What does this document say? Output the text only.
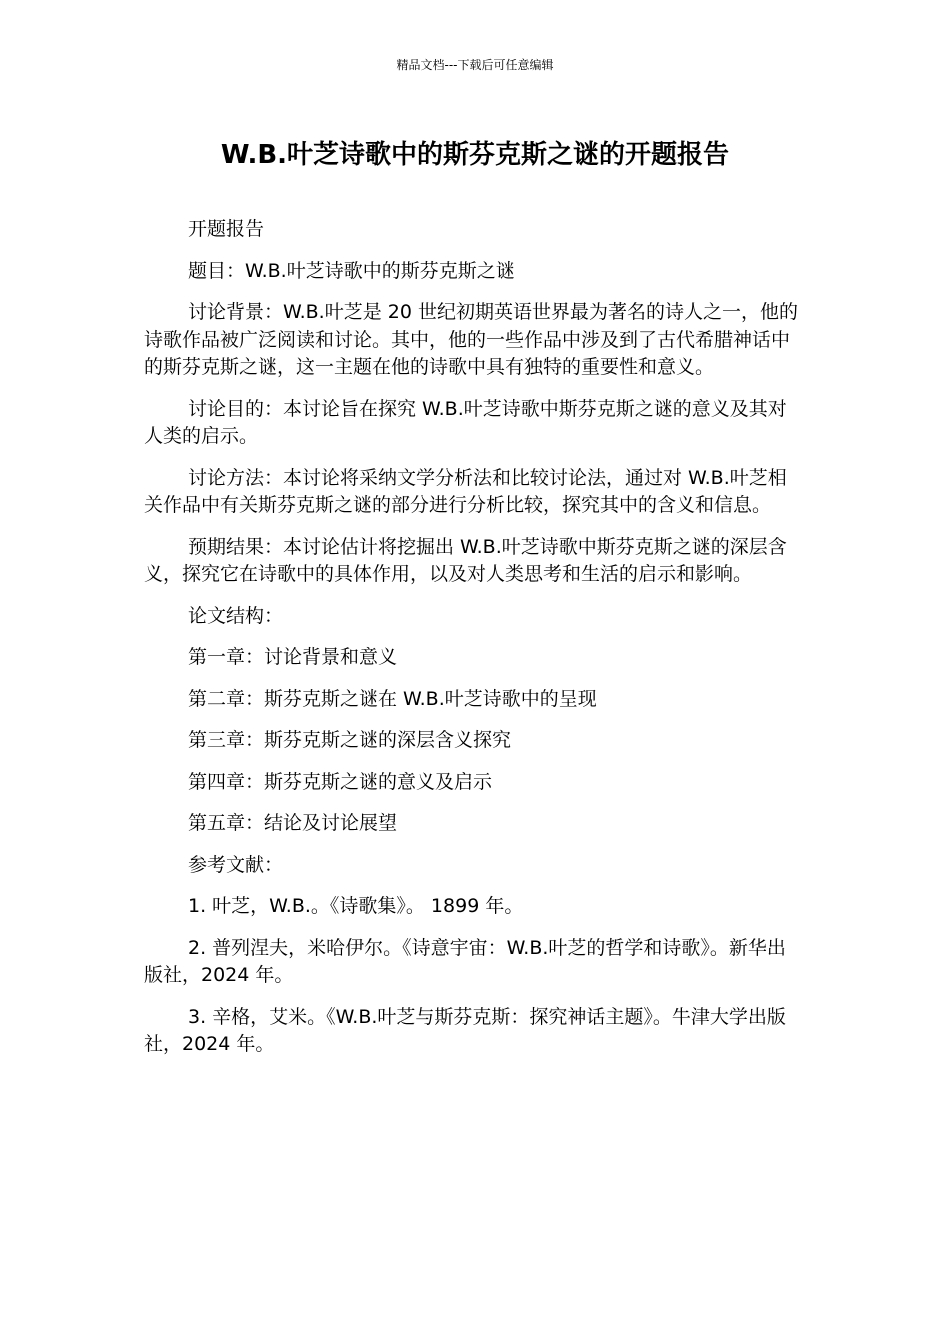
精品文档---下载后可任意编辑
W.B.叶芝诗歌中的斯芬克斯之谜的开题报告

开题报告

题目：W.B.叶芝诗歌中的斯芬克斯之谜

讨论背景：W.B.叶芝是 20 世纪初期英语世界最为著名的诗人之一，他的诗歌作品被广泛阅读和讨论。其中，他的一些作品中涉及到了古代希腊神话中的斯芬克斯之谜，这一主题在他的诗歌中具有独特的重要性和意义。

讨论目的：本讨论旨在探究 W.B.叶芝诗歌中斯芬克斯之谜的意义及其对人类的启示。

讨论方法：本讨论将采纳文学分析法和比较讨论法，通过对 W.B.叶芝相关作品中有关斯芬克斯之谜的部分进行分析比较，探究其中的含义和信息。

预期结果：本讨论估计将挖掘出 W.B.叶芝诗歌中斯芬克斯之谜的深层含义，探究它在诗歌中的具体作用，以及对人类思考和生活的启示和影响。

论文结构：

第一章：讨论背景和意义

第二章：斯芬克斯之谜在 W.B.叶芝诗歌中的呈现

第三章：斯芬克斯之谜的深层含义探究

第四章：斯芬克斯之谜的意义及启示

第五章：结论及讨论展望

参考文献：

1. 叶芝，W.B.。《诗歌集》。 1899 年。

2. 普列涅夫，米哈伊尔。《诗意宇宙：W.B.叶芝的哲学和诗歌》。新华出版社，2024 年。

3. 辛格，艾米。《W.B.叶芝与斯芬克斯：探究神话主题》。牛津大学出版社，2024 年。
